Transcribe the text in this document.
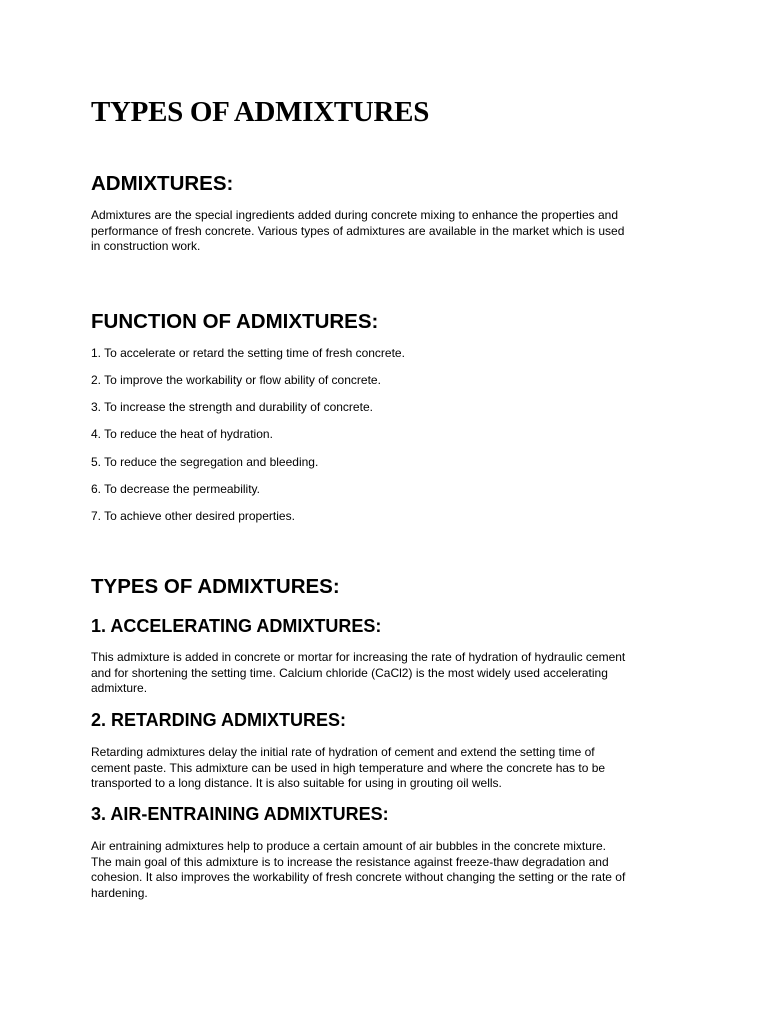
TYPES OF ADMIXTURES
ADMIXTURES:

Admixtures are the special ingredients added during concrete mixing to enhance the properties and
performance of fresh concrete. Various types of admixtures are available in the market which is used
in construction work.

FUNCTION OF ADMIXTURES:

1. To accelerate or retard the setting time of fresh concrete.

2. To improve the workability or flow ability of concrete.

3. To increase the strength and durability of concrete.

4. To reduce the heat of hydration.

5. To reduce the segregation and bleeding.

6. To decrease the permeability.

7. To achieve other desired properties.

TYPES OF ADMIXTURES:
1. ACCELERATING ADMIXTURES:

This admixture is added in concrete or mortar for increasing the rate of hydration of hydraulic cement
and for shortening the setting time. Calcium chloride (CaCl2) is the most widely used accelerating
admixture.

2. RETARDING ADMIXTURES:

Retarding admixtures delay the initial rate of hydration of cement and extend the setting time of
cement paste. This admixture can be used in high temperature and where the concrete has to be
transported to a long distance. It is also suitable for using in grouting oil wells.

3. AIR-ENTRAINING ADMIXTURES:

Air entraining admixtures help to produce a certain amount of air bubbles in the concrete mixture.
The main goal of this admixture is to increase the resistance against freeze-thaw degradation and
cohesion. It also improves the workability of fresh concrete without changing the setting or the rate of
hardening.
